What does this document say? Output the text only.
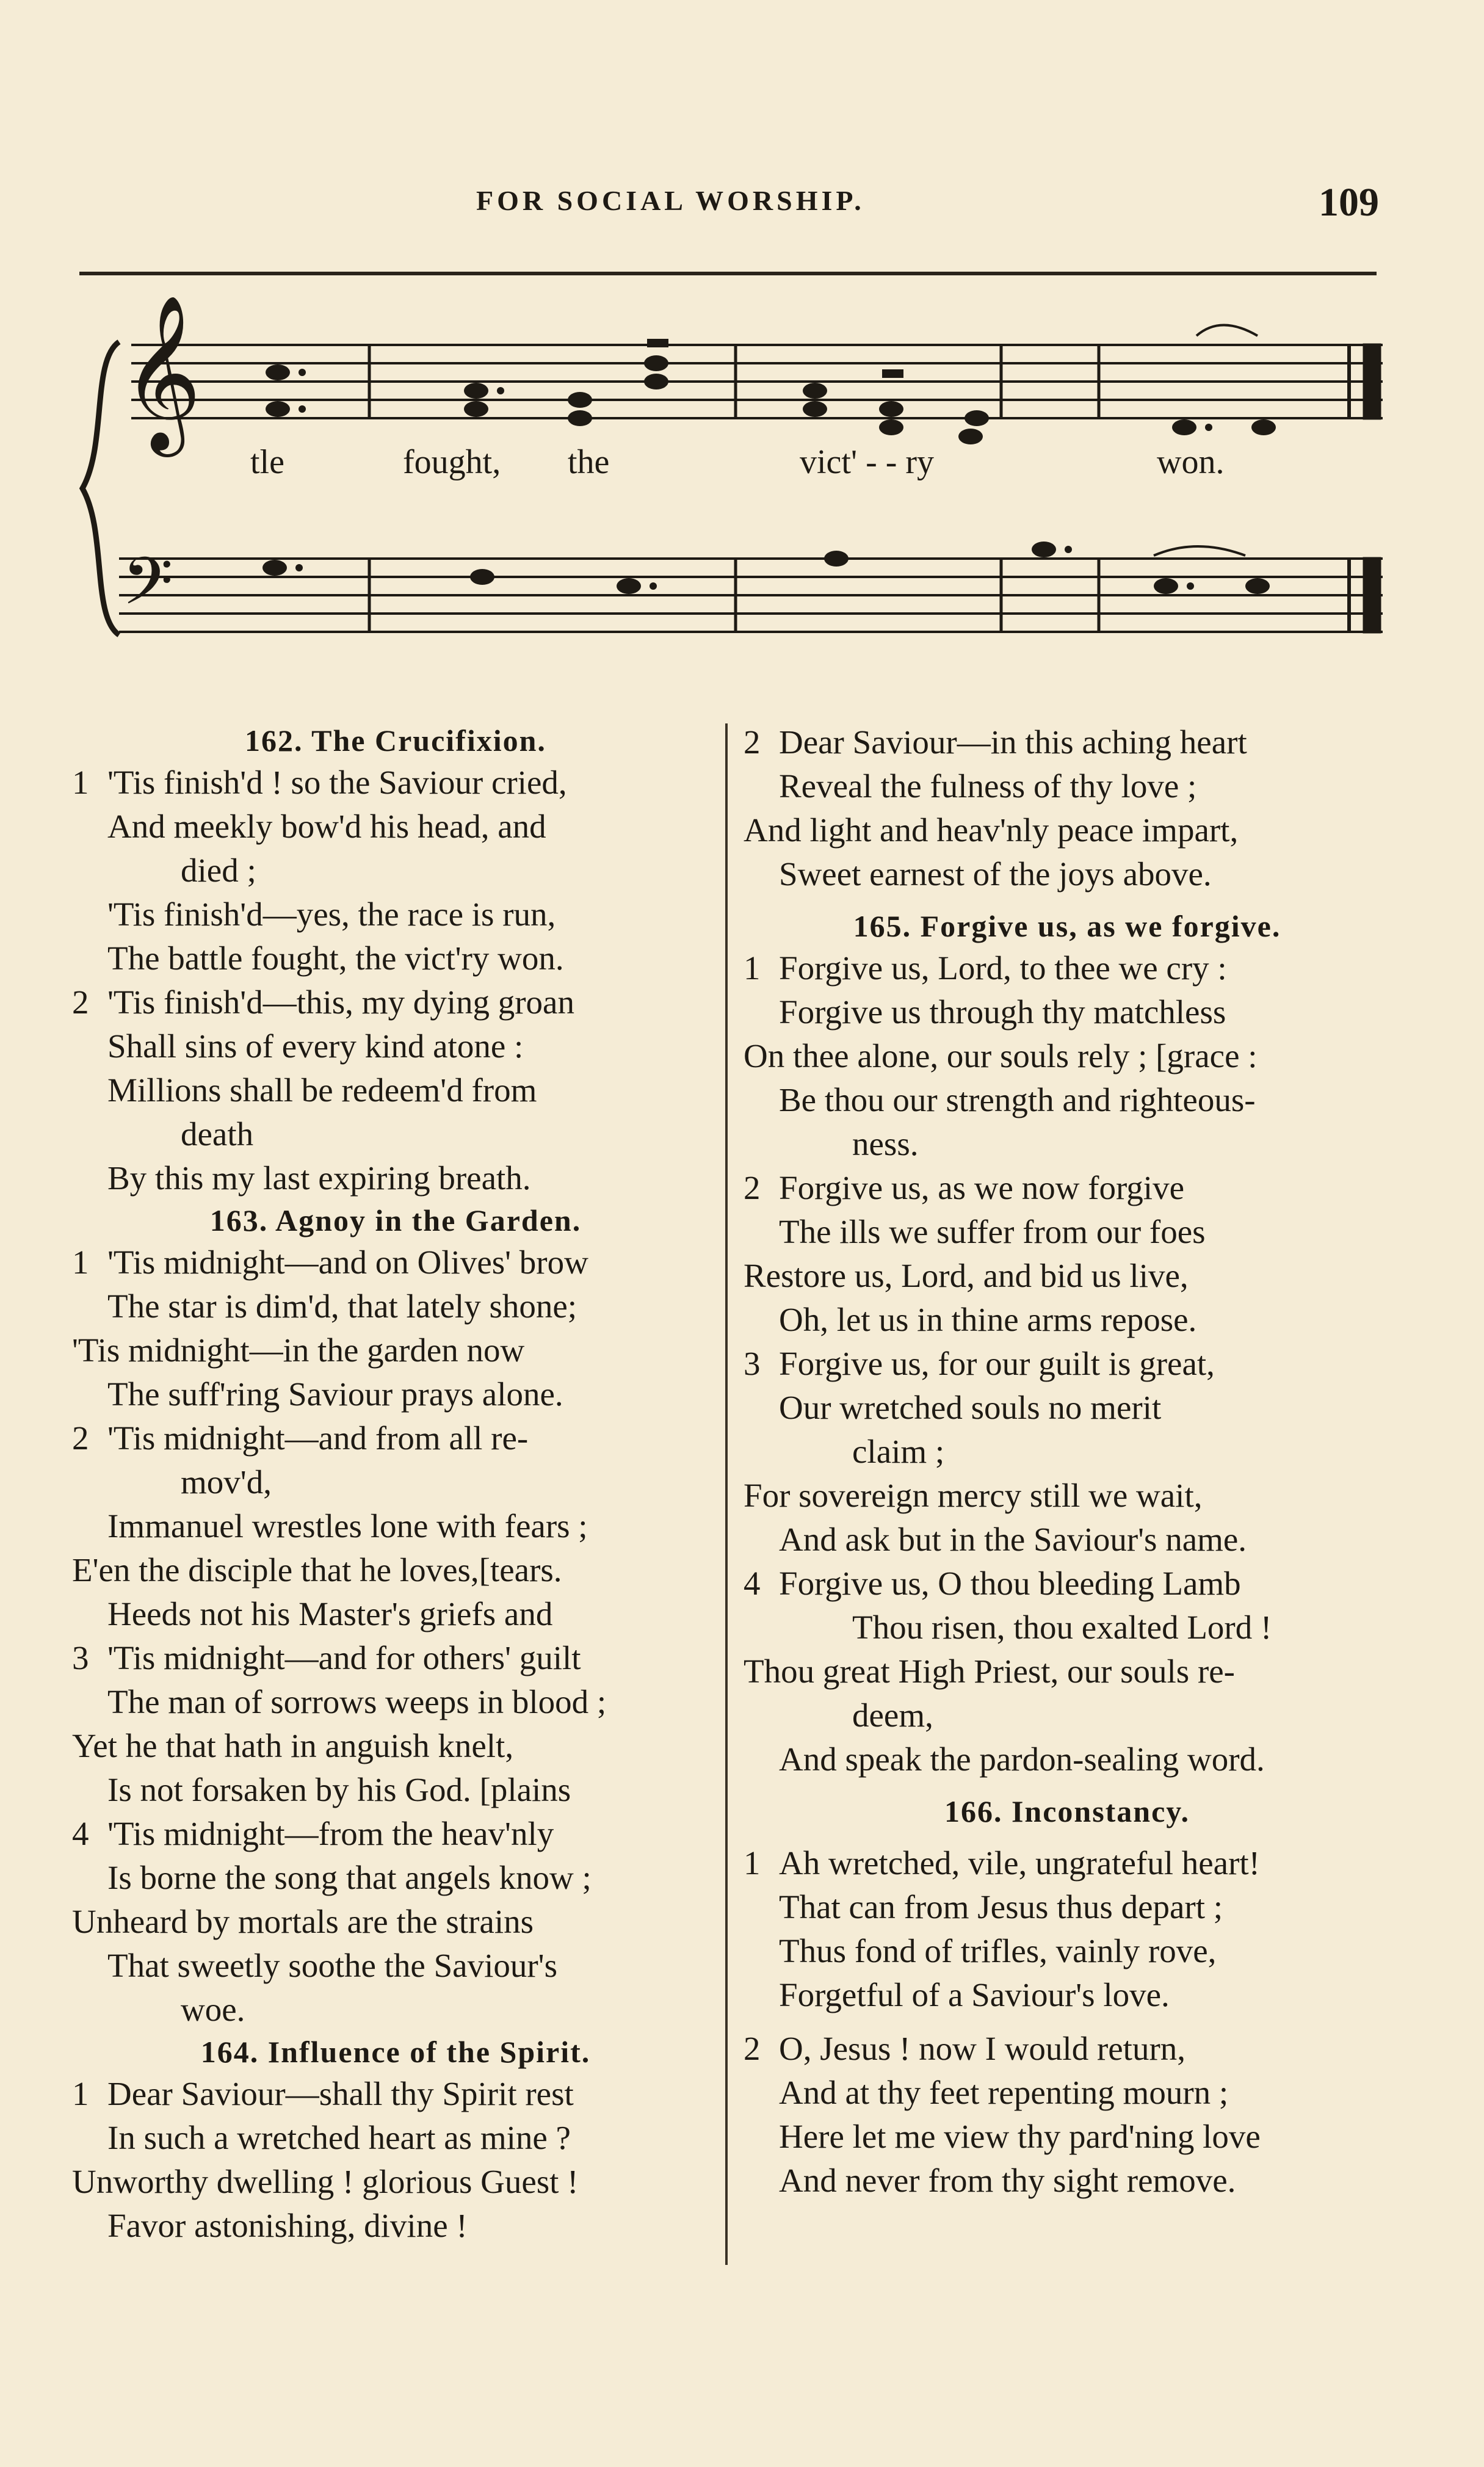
FOR SOCIAL WORSHIP.	109
𝄞
𝄢
tle	fought, the	vict' - - ry	won.
162. The Crucifixion.
1 'Tis finish'd ! so the Saviour cried,
And meekly bow'd his head, and
died ;
'Tis finish'd—yes, the race is run,
The battle fought, the vict'ry won.
2 'Tis finish'd—this, my dying groan
Shall sins of every kind atone :
Millions shall be redeem'd from
death
By this my last expiring breath.
163. Agnoy in the Garden.
1 'Tis midnight—and on Olives' brow
The star is dim'd, that lately shone;
'Tis midnight—in the garden now
The suff'ring Saviour prays alone.
2 'Tis midnight—and from all re-
mov'd,
Immanuel wrestles lone with fears ;
E'en the disciple that he loves,[tears.
Heeds not his Master's griefs and
3 'Tis midnight—and for others' guilt
The man of sorrows weeps in blood ;
Yet he that hath in anguish knelt,
Is not forsaken by his God. [plains
4 'Tis midnight—from the heav'nly
Is borne the song that angels know ;
Unheard by mortals are the strains
That sweetly soothe the Saviour's
woe.
164. Influence of the Spirit.
1 Dear Saviour—shall thy Spirit rest
In such a wretched heart as mine ?
Unworthy dwelling ! glorious Guest !
Favor astonishing, divine !
2 Dear Saviour—in this aching heart
Reveal the fulness of thy love ;
And light and heav'nly peace impart,
Sweet earnest of the joys above.
165. Forgive us, as we forgive.
1 Forgive us, Lord, to thee we cry :
Forgive us through thy matchless
On thee alone, our souls rely ; [grace :
Be thou our strength and righteous-
ness.
2 Forgive us, as we now forgive
The ills we suffer from our foes
Restore us, Lord, and bid us live,
Oh, let us in thine arms repose.
3 Forgive us, for our guilt is great,
Our wretched souls no merit
claim ;
For sovereign mercy still we wait,
And ask but in the Saviour's name.
4 Forgive us, O thou bleeding Lamb
Thou risen, thou exalted Lord !
Thou great High Priest, our souls re-
deem,
And speak the pardon-sealing word.
166. Inconstancy.
1 Ah wretched, vile, ungrateful heart!
That can from Jesus thus depart ;
Thus fond of trifles, vainly rove,
Forgetful of a Saviour's love.
2 O, Jesus ! now I would return,
And at thy feet repenting mourn ;
Here let me view thy pard'ning love
And never from thy sight remove.
